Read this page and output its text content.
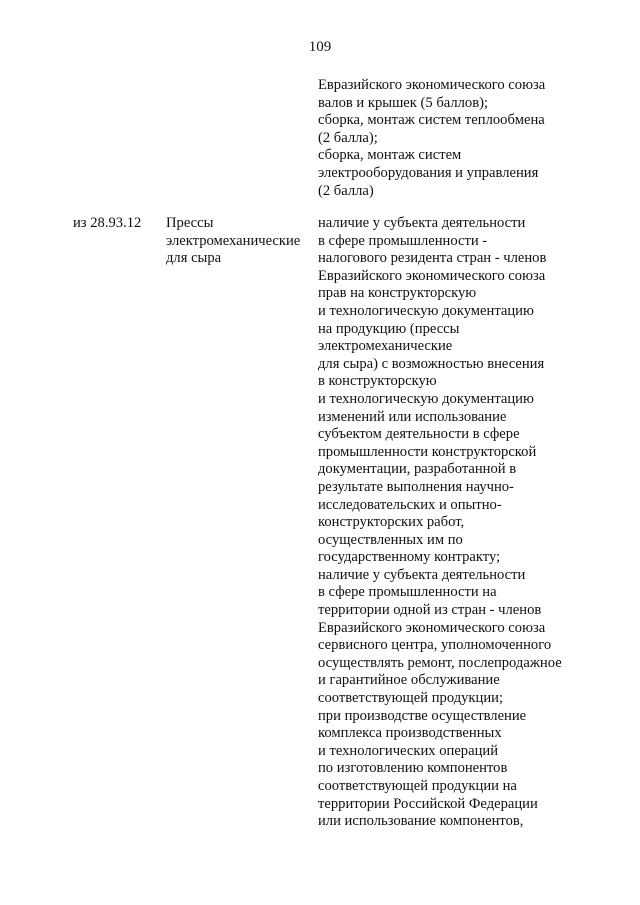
109
Евразийского экономического союза
валов и крышек (5 баллов);
сборка, монтаж систем теплообмена
(2 балла);
сборка, монтаж систем
электрооборудования и управления
(2 балла)
из 28.93.12 Прессы
электромеханические
для сыра
наличие у субъекта деятельности
в сфере промышленности -
налогового резидента стран - членов
Евразийского экономического союза
прав на конструкторскую
и технологическую документацию
на продукцию (прессы
электромеханические
для сыра) с возможностью внесения
в конструкторскую
и технологическую документацию
изменений или использование
субъектом деятельности в сфере
промышленности конструкторской
документации, разработанной в
результате выполнения научно-
исследовательских и опытно-
конструкторских работ,
осуществленных им по
государственному контракту;
наличие у субъекта деятельности
в сфере промышленности на
территории одной из стран - членов
Евразийского экономического союза
сервисного центра, уполномоченного
осуществлять ремонт, послепродажное
и гарантийное обслуживание
соответствующей продукции;
при производстве осуществление
комплекса производственных
и технологических операций
по изготовлению компонентов
соответствующей продукции на
территории Российской Федерации
или использование компонентов,
